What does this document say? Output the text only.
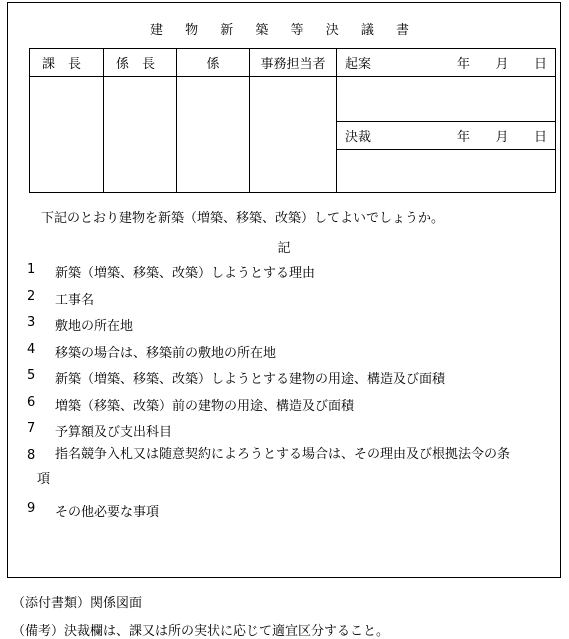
建 物 新 築 等 決 議 書
課　長	係　長	係	事務担当者	起案 年 月 日

				決裁 年 月 日

下記のとおり建物を新築（増築、移築、改築）してよいでしょうか。
記
1 新築（増築、移築、改築）しようとする理由
2 工事名
3 敷地の所在地
4 移築の場合は、移築前の敷地の所在地
5 新築（増築、移築、改築）しようとする建物の用途、構造及び面積
6 増築（移築、改築）前の建物の用途、構造及び面積
7 予算額及び支出科目
8 指名競争入札又は随意契約によろうとする場合は、その理由及び根拠法令の条
項
9 その他必要な事項
（添付書類）関係図面
（備考）決裁欄は、課又は所の実状に応じて適宜区分すること。
